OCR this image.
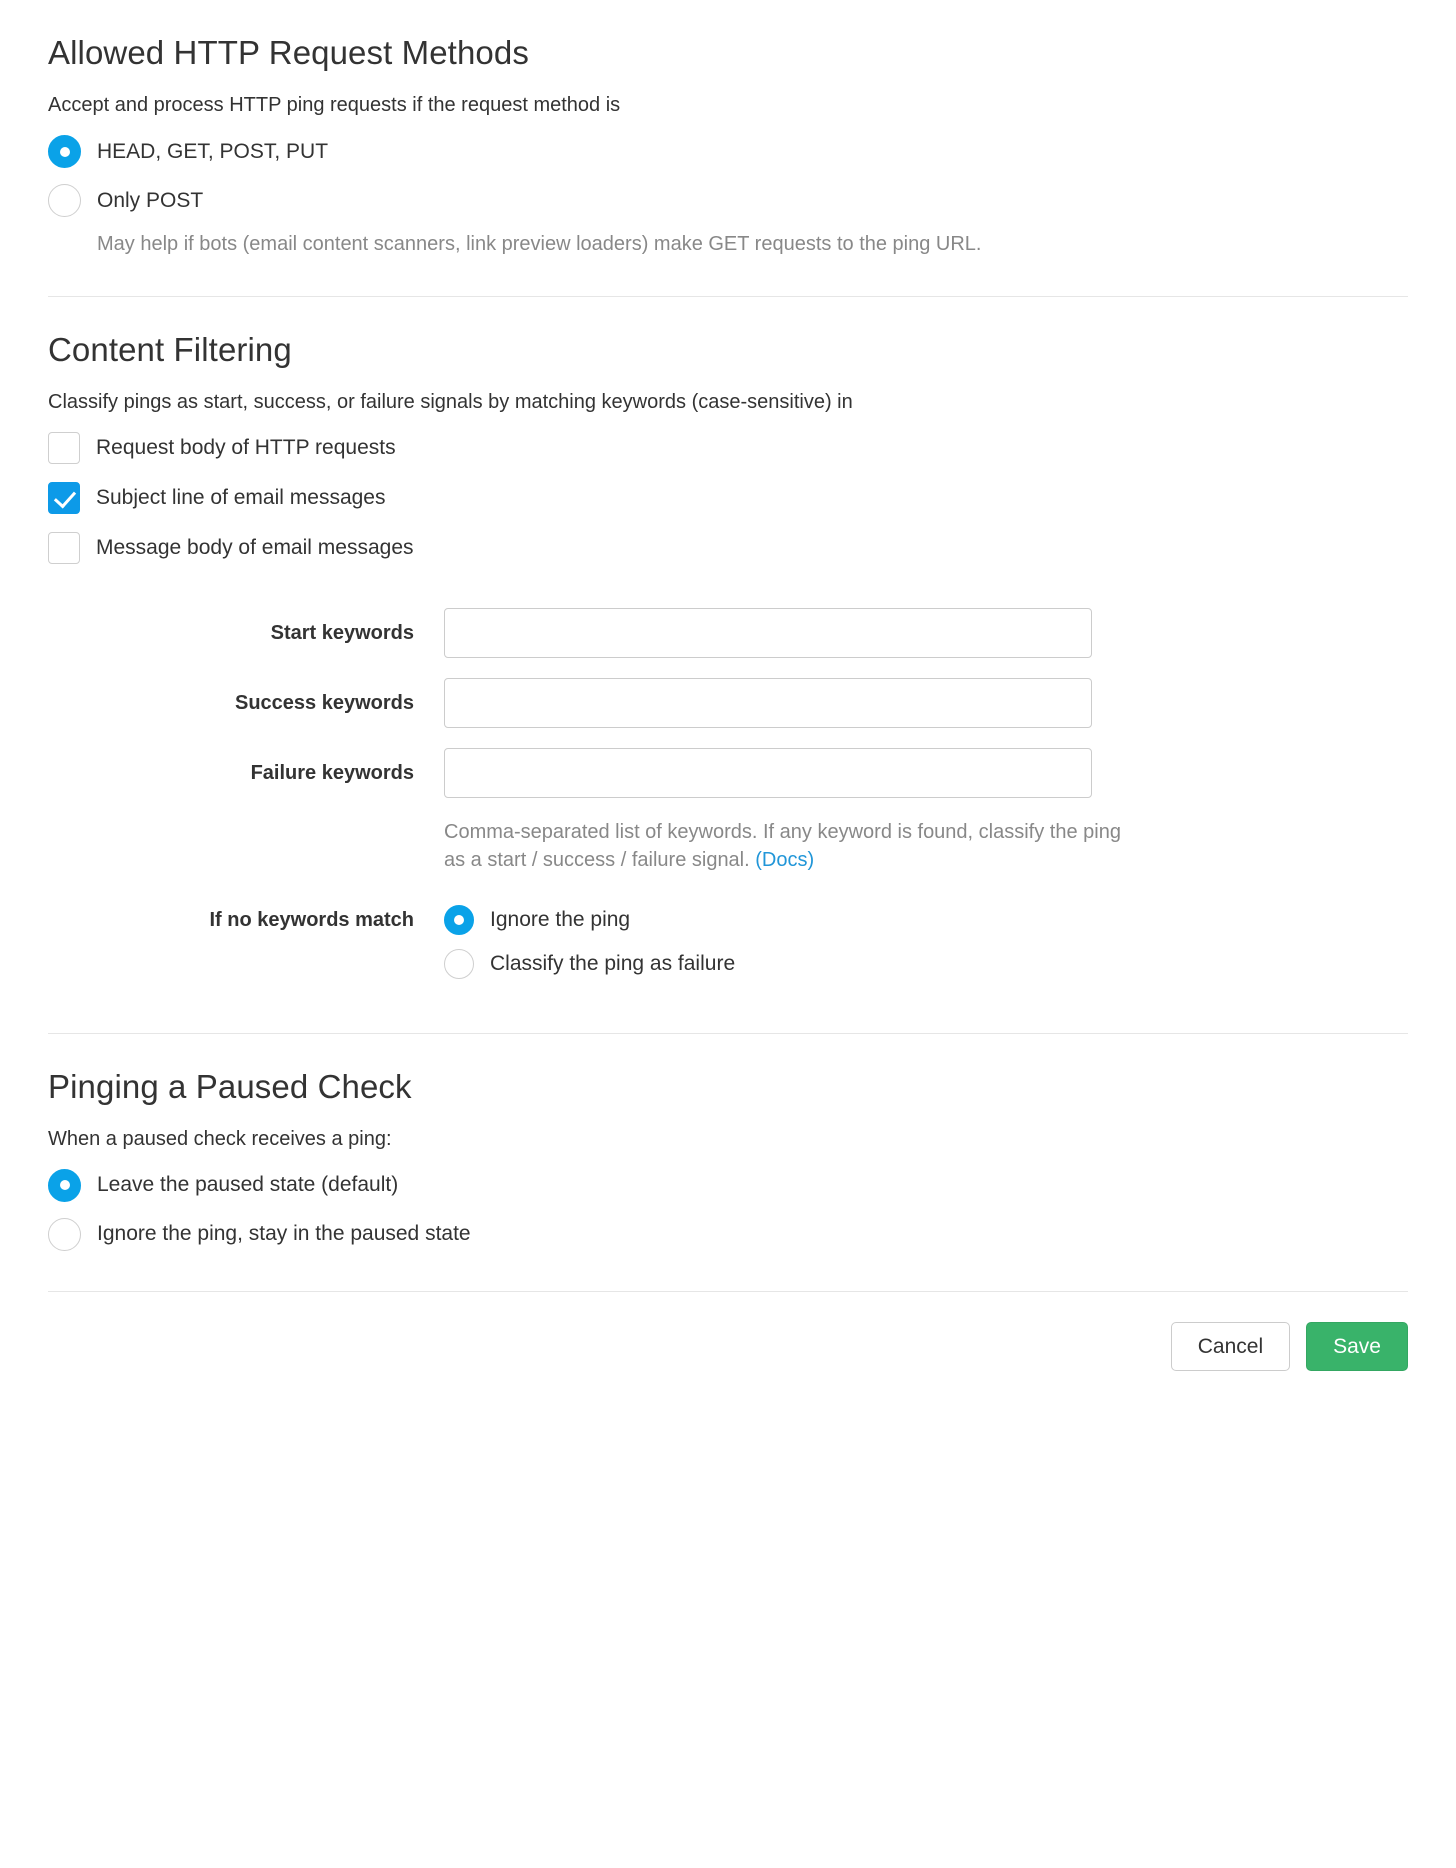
Allowed HTTP Request Methods

Accept and process HTTP ping requests if the request method is

HEAD, GET, POST, PUT
Only POST
May help if bots (email content scanners, link preview loaders) make GET requests to the ping URL.
Content Filtering

Classify pings as start, success, or failure signals by matching keywords (case-sensitive) in

Request body of HTTP requests
Subject line of email messages
Message body of email messages
Start keywords
Success keywords
Failure keywords
Comma-separated list of keywords. If any keyword is found, classify the ping as a start / success / failure signal. (Docs)
If no keywords match	Ignore the ping
Classify the ping as failure
Pinging a Paused Check

When a paused check receives a ping:

Leave the paused state (default)
Ignore the ping, stay in the paused state
Cancel	Save
